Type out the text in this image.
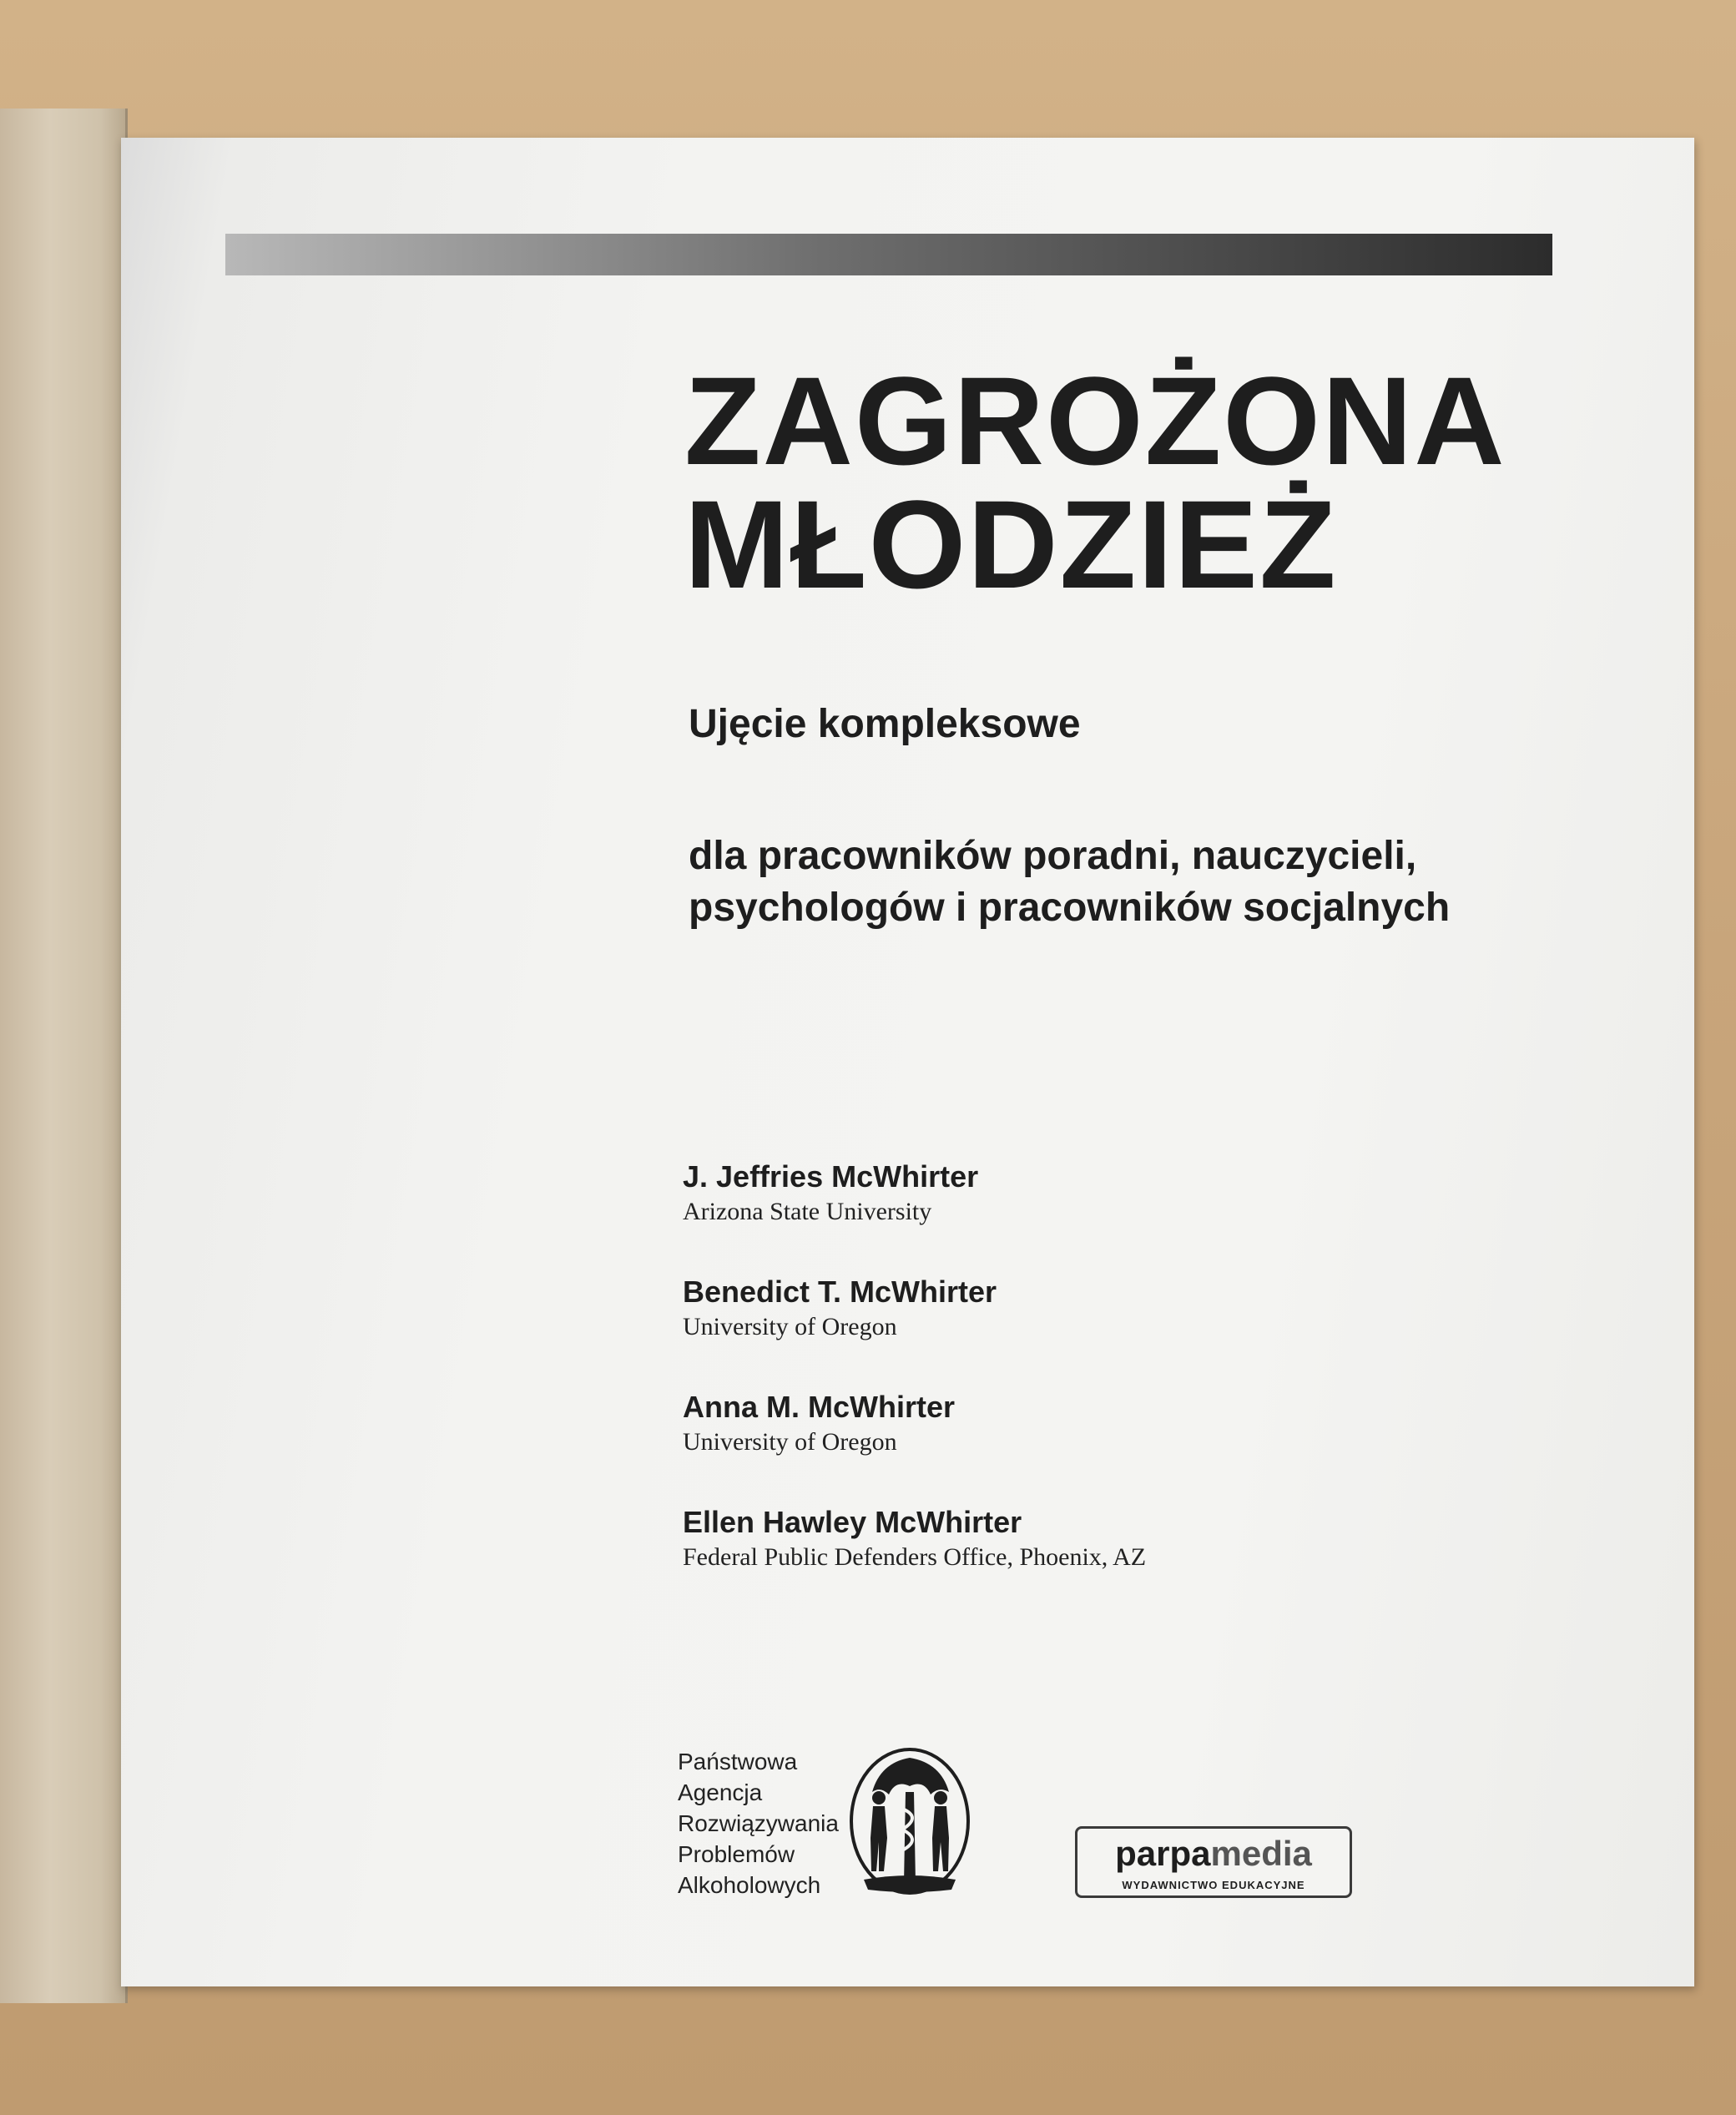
ZAGROŻONA
MŁODZIEŻ
Ujęcie kompleksowe
dla pracowników poradni, nauczycieli,
psychologów i pracowników socjalnych
J. Jeffries McWhirter
Arizona State University
Benedict T. McWhirter
University of Oregon
Anna M. McWhirter
University of Oregon
Ellen Hawley McWhirter
Federal Public Defenders Office, Phoenix, AZ
Państwowa
Agencja
Rozwiązywania
Problemów
Alkoholowych
parpamedia
WYDAWNICTWO EDUKACYJNE
